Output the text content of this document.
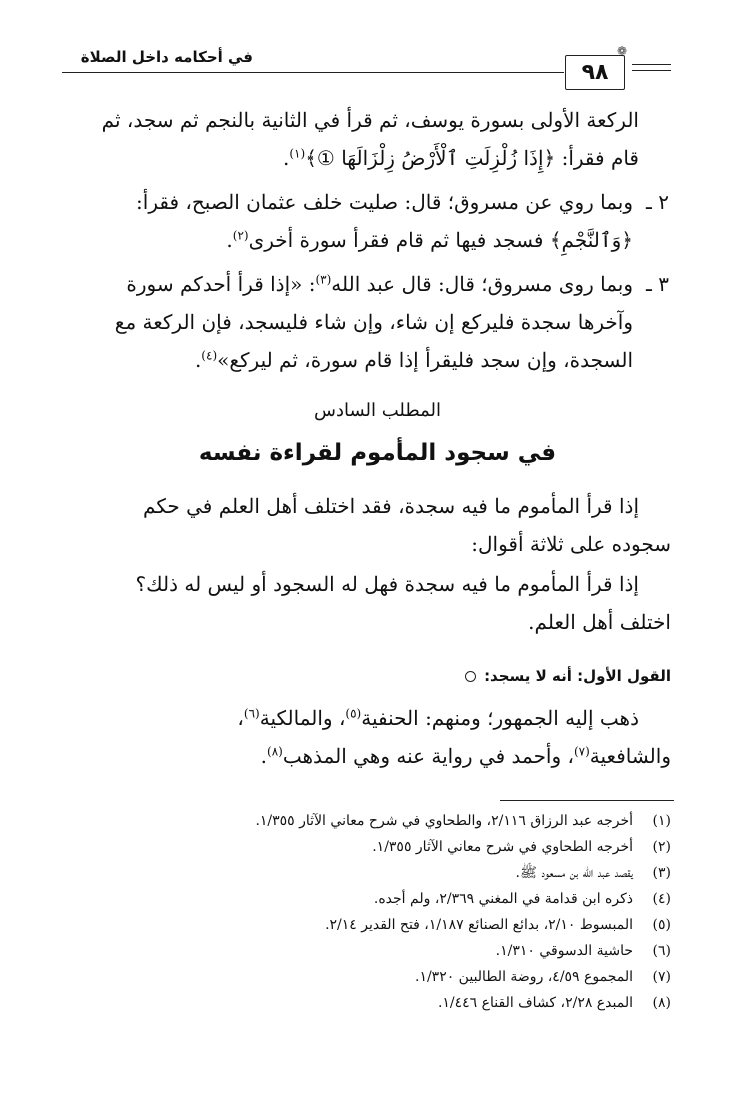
في أحكامه داخل الصلاة
٩٨
❁
الركعة الأولى بسورة يوسف، ثم قرأ في الثانية بالنجم ثم سجد، ثم
قام فقرأ: ﴿إِذَا زُلْزِلَتِ ٱلْأَرْضُ زِلْزَالَهَا ①﴾$^{(١)}$.
٢ ـ
وبما روي عن مسروق؛ قال: صليت خلف عثمان الصبح، فقرأ:
﴿وَٱلنَّجْمِ﴾ فسجد فيها ثم قام فقرأ سورة أخرى$^{(٢)}$.
٣ ـ
وبما روى مسروق؛ قال: قال عبد الله$^{(٣)}$: «إذا قرأ أحدكم سورة
وآخرها سجدة فليركع إن شاء، وإن شاء فليسجد، فإن الركعة مع
السجدة، وإن سجد فليقرأ إذا قام سورة، ثم ليركع»$^{(٤)}$.
المطلب السادس
في سجود المأموم لقراءة نفسه
إذا قرأ المأموم ما فيه سجدة، فقد اختلف أهل العلم في حكم
سجوده على ثلاثة أقوال:
إذا قرأ المأموم ما فيه سجدة فهل له السجود أو ليس له ذلك؟
اختلف أهل العلم.
القول الأول: أنه لا يسجد:
ذهب إليه الجمهور؛ ومنهم: الحنفية$^{(٥)}$، والمالكية$^{(٦)}$،
والشافعية$^{(٧)}$، وأحمد في رواية عنه وهي المذهب$^{(٨)}$.
(١)
أخرجه عبد الرزاق ٢/١١٦، والطحاوي في شرح معاني الآثار ١/٣٥٥.
(٢)
أخرجه الطحاوي في شرح معاني الآثار ١/٣٥٥.
(٣)
يقصد عبد الله بن مسعود ﷺ.
(٤)
ذكره ابن قدامة في المغني ٢/٣٦٩، ولم أجده.
(٥)
المبسوط ٢/١٠، بدائع الصنائع ١/١٨٧، فتح القدير ٢/١٤.
(٦)
حاشية الدسوقي ١/٣١٠.
(٧)
المجموع ٤/٥٩، روضة الطالبين ١/٣٢٠.
(٨)
المبدع ٢/٢٨، كشاف القناع ١/٤٤٦.
